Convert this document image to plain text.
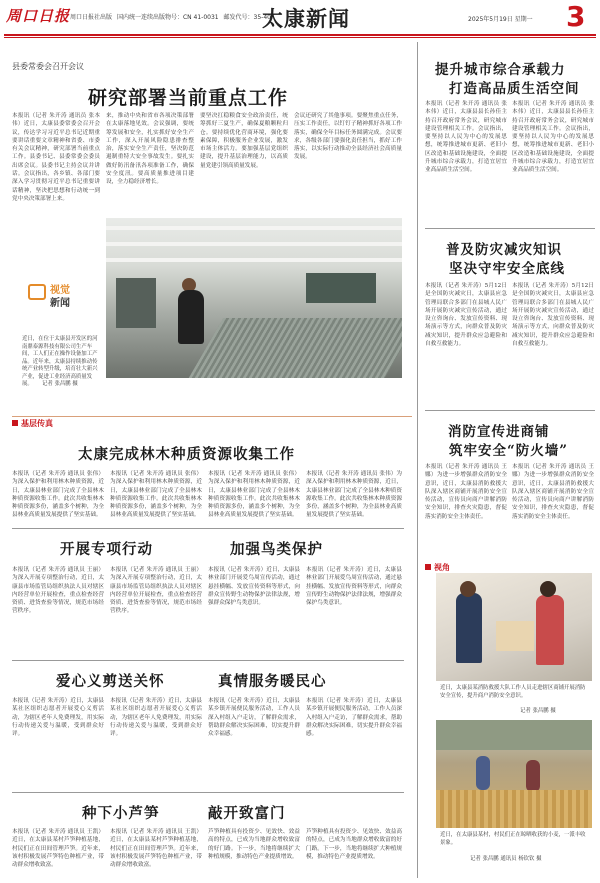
周口日报 周口日报社出版 国内统一连续出版物号：CN 41-0031 邮发代号：35-40
太康新闻	2025年5月19日 星期一 3
县委常委会召开会议
研究部署当前重点工作
本报讯（记者 朱开涛 通讯员 张本伟）近日，太康县委常委会召开会议，传达学习习近平总书记近期重要讲话重要文章精神和省委、市委有关会议精神，研究部署当前重点工作。县委书记、县委常委会委员出席会议。县委书记主持会议并讲话。会议指出，各乡镇、各部门要深入学习贯彻习近平总书记重要讲话精神，坚决把思想和行动统一到党中央决策部署上来。
来，推动中央和省市各项决策部署在太康落地见效。会议强调，要统筹发展和安全，扎实抓好安全生产工作，深入开展风险隐患排查整治，落实安全生产责任，坚决防范遏制重特大安全事故发生。要扎实做好防汛备汛各项准备工作，确保安全度汛。要高质量推进项目建设，全力稳经济增长。
要坚决扛稳粮食安全政治责任，统筹抓好三夏生产，确保夏粮颗粒归仓。要持续优化营商环境，强化要素保障，积极服务企业发展，激发市场主体活力。要加强基层党组织建设，提升基层治理能力，以高质量党建引领高质量发展。
会议还研究了其他事项。要聚焦重点任务，压实工作责任，以钉钉子精神抓好各项工作落实，确保全年目标任务圆满完成。会议要求，各级各部门要强化责任担当，抓好工作落实，以实际行动推动全县经济社会高质量发展。
视觉
新闻
近日，在位于太康县开发区的河南鼎泰源科技有限公司生产车间，工人们正在操作设备加工产品。近年来，太康县持续推动传统产业转型升级，培育壮大新兴产业，促进工业经济高质量发展。	记者 张昌鹏 摄
提升城市综合承载力
打造高品质生活空间
本报讯（记者 朱开涛 通讯员 张本伟）近日，太康县县长孙佳主持召开政府常务会议，研究城市建设管理相关工作。会议指出，要坚持以人民为中心的发展思想，统筹推进城市更新、老旧小区改造和基础设施建设，全面提升城市综合承载力，打造宜居宜业高品质生活空间。
本报讯（记者 朱开涛 通讯员 张本伟）近日，太康县县长孙佳主持召开政府常务会议，研究城市建设管理相关工作。会议指出，要坚持以人民为中心的发展思想，统筹推进城市更新、老旧小区改造和基础设施建设，全面提升城市综合承载力，打造宜居宜业高品质生活空间。
普及防灾减灾知识
坚决守牢安全底线
本报讯（记者 朱开涛）5月12日是全国防灾减灾日，太康县应急管理局联合多部门在县城人民广场开展防灾减灾宣传活动，通过设立咨询台、发放宣传资料、现场演示等方式，向群众普及防灾减灾知识，提升群众应急避险和自救互救能力。
本报讯（记者 朱开涛）5月12日是全国防灾减灾日，太康县应急管理局联合多部门在县城人民广场开展防灾减灾宣传活动，通过设立咨询台、发放宣传资料、现场演示等方式，向群众普及防灾减灾知识，提升群众应急避险和自救互救能力。
消防宣传进商铺
筑牢安全“防火墙”
本报讯（记者 朱开涛 通讯员 王娜）为进一步增强群众消防安全意识，近日，太康县消防救援大队深入辖区商铺开展消防安全宣传活动，宣传员向商户讲解消防安全知识，排查火灾隐患，督促落实消防安全主体责任。
本报讯（记者 朱开涛 通讯员 王娜）为进一步增强群众消防安全意识，近日，太康县消防救援大队深入辖区商铺开展消防安全宣传活动，宣传员向商户讲解消防安全知识，排查火灾隐患，督促落实消防安全主体责任。
视角
近日，太康县某消防救援大队工作人员走进辖区商铺开展消防安全宣传，提升商户消防安全意识。
记者 张昌鹏 摄
近日，在太康县某村，村民们正在晾晒收获的小麦，一派丰收景象。
记者 张昌鹏 通讯员 杨钦钦 摄
基层传真
太康完成林木种质资源收集工作
本报讯（记者 朱开涛 通讯员 张伟）为深入保护和利用林木种质资源，近日，太康县林业部门完成了全县林木种质资源收集工作。此次共收集林木种质资源多份，涵盖多个树种，为全县林业高质量发展提供了坚实基础。
本报讯（记者 朱开涛 通讯员 张伟）为深入保护和利用林木种质资源，近日，太康县林业部门完成了全县林木种质资源收集工作。此次共收集林木种质资源多份，涵盖多个树种，为全县林业高质量发展提供了坚实基础。
本报讯（记者 朱开涛 通讯员 张伟）为深入保护和利用林木种质资源，近日，太康县林业部门完成了全县林木种质资源收集工作。此次共收集林木种质资源多份，涵盖多个树种，为全县林业高质量发展提供了坚实基础。
本报讯（记者 朱开涛 通讯员 张伟）为深入保护和利用林木种质资源，近日，太康县林业部门完成了全县林木种质资源收集工作。此次共收集林木种质资源多份，涵盖多个树种，为全县林业高质量发展提供了坚实基础。
开展专项行动	加强鸟类保护
本报讯（记者 朱开涛 通讯员 王丽）为深入开展专项整治行动，近日，太康县市场监管局组织执法人员对辖区内经营单位开展检查，重点检查经营资质、进货查验等情况，规范市场经营秩序。
本报讯（记者 朱开涛 通讯员 王丽）为深入开展专项整治行动，近日，太康县市场监管局组织执法人员对辖区内经营单位开展检查，重点检查经营资质、进货查验等情况，规范市场经营秩序。
本报讯（记者 朱开涛）近日，太康县林业部门开展爱鸟周宣传活动，通过悬挂横幅、发放宣传资料等形式，向群众宣传野生动物保护法律法规，增强群众保护鸟类意识。
本报讯（记者 朱开涛）近日，太康县林业部门开展爱鸟周宣传活动，通过悬挂横幅、发放宣传资料等形式，向群众宣传野生动物保护法律法规，增强群众保护鸟类意识。
爱心义剪送关怀	真情服务暖民心
本报讯（记者 朱开涛）近日，太康县某社区组织志愿者开展爱心义剪活动，为辖区老年人免费理发，用实际行动传递关爱与温暖，受到群众好评。
本报讯（记者 朱开涛）近日，太康县某社区组织志愿者开展爱心义剪活动，为辖区老年人免费理发，用实际行动传递关爱与温暖，受到群众好评。
本报讯（记者 朱开涛）近日，太康县某乡镇开展便民服务活动，工作人员深入村组入户走访，了解群众需求，帮助群众解决实际困难，切实提升群众幸福感。
本报讯（记者 朱开涛）近日，太康县某乡镇开展便民服务活动，工作人员深入村组入户走访，了解群众需求，帮助群众解决实际困难，切实提升群众幸福感。
种下小芦笋	敲开致富门
本报讯（记者 朱开涛 通讯员 王凯）近日，在太康县某村芦笋种植基地，村民们正在田间管理芦笋。近年来，该村积极发展芦笋特色种植产业，带动群众增收致富。
本报讯（记者 朱开涛 通讯员 王凯）近日，在太康县某村芦笋种植基地，村民们正在田间管理芦笋。近年来，该村积极发展芦笋特色种植产业，带动群众增收致富。
芦笋种植具有投资少、见效快、效益高的特点，已成为当地群众增收致富的好门路。下一步，当地将继续扩大种植规模，推动特色产业提质增效。
芦笋种植具有投资少、见效快、效益高的特点，已成为当地群众增收致富的好门路。下一步，当地将继续扩大种植规模，推动特色产业提质增效。
